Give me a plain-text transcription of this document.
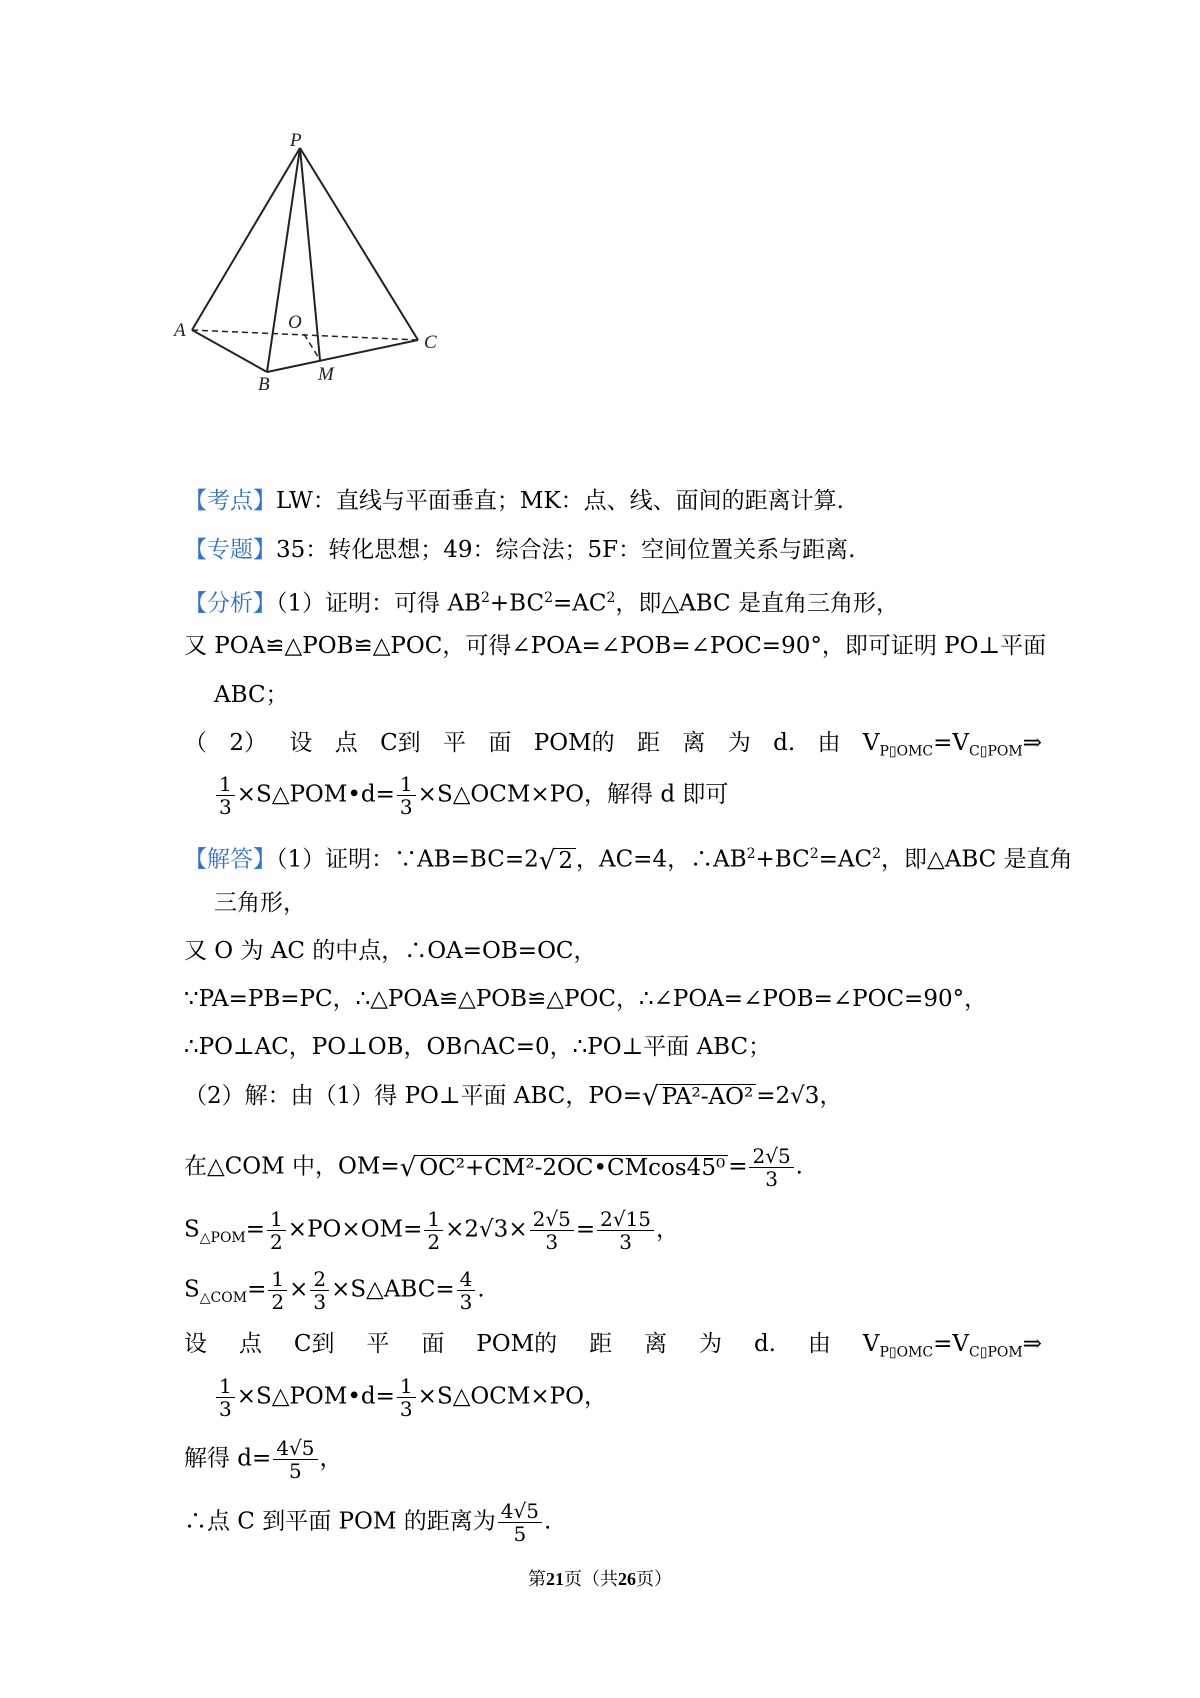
P
A
B
C
O
M
【考点】LW：直线与平面垂直；MK：点、线、面间的距离计算.
【专题】35：转化思想；49：综合法；5F：空间位置关系与距离.
【分析】（1）证明：可得 $AB^2+BC^2=AC^2$，即△ABC 是直角三角形，
又 POA≌△POB≌△POC，可得∠POA=∠POB=∠POC=90°，即可证明 PO⊥平面
ABC；
（ 2） 设 点 C到 平 面 POM的 距 离 为 d. 由 $V_{P▯OMC}=V_{C▯POM}\Rightarrow$
$\frac{1}{3}$ ×S△POM•d= $\frac{1}{3}$ ×S△OCM×PO，解得 d 即可
【解答】（1）证明：∵AB=BC=2 √ 2 ，AC=4，$\therefore AB^2+BC^2=AC^2$，即△ABC 是直角
三角形，
又 O 为 AC 的中点，∴OA=OB=OC，
∵PA=PB=PC，∴△POA≌△POB≌△POC，∴∠POA=∠POB=∠POC=90°，
∴PO⊥AC，PO⊥OB，OB∩AC=0，∴PO⊥平面 ABC；
（2）解：由（1）得 PO⊥平面 ABC，PO= √ PA²-AO² =2√3，
在△COM 中，OM= √ OC²+CM²-2OC•CMcos45⁰ = $\frac{2√5}{3}$ .
$S_{\triangle POM}= \frac{1}{2} \times PO\times OM= \frac{1}{2} \times 2√3\times \frac{2√5}{3} = \frac{2√15}{3}$ ，
$S_{\triangle COM}= \frac{1}{2} \times \frac{2}{3}$ ×S△ABC= $\frac{4}{3}$ .
设 点 C到 平 面 POM的 距 离 为 d. 由 $V_{P▯OMC}=V_{C▯POM}\Rightarrow$
$\frac{1}{3}$ ×S△POM•d= $\frac{1}{3}$ ×S△OCM×PO，
解得 $d= \frac{4√5}{5}$ ，
∴点 C 到平面 POM 的距离为 $\frac{4√5}{5}$ .
第21页（共26页）
